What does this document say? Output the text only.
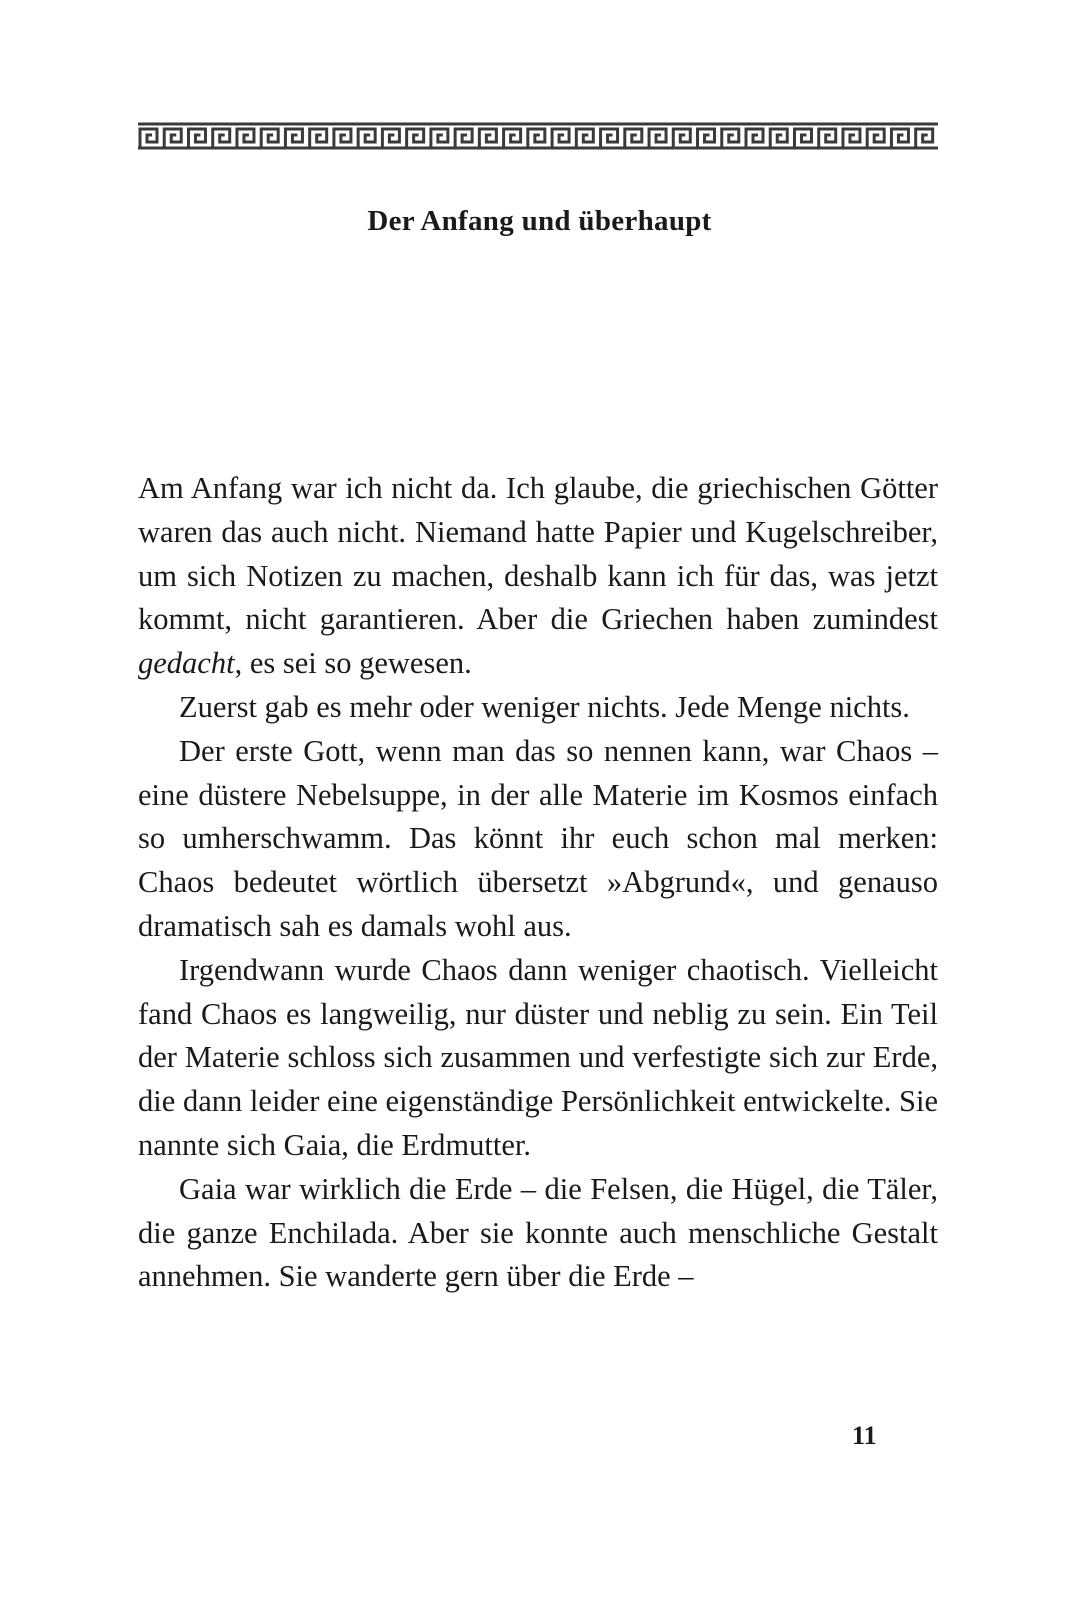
Der Anfang und überhaupt

Am Anfang war ich nicht da. Ich glaube, die griechischen Götter waren das auch nicht. Niemand hatte Papier und Kugelschreiber, um sich Notizen zu machen, deshalb kann ich für das, was jetzt kommt, nicht garantieren. Aber die Griechen haben zumindest gedacht, es sei so gewesen.

Zuerst gab es mehr oder weniger nichts. Jede Menge nichts.

Der erste Gott, wenn man das so nennen kann, war Chaos – eine düstere Nebelsuppe, in der alle Materie im Kosmos einfach so umherschwamm. Das könnt ihr euch schon mal merken: Chaos bedeutet wörtlich übersetzt »Abgrund«, und genauso dramatisch sah es damals wohl aus.

Irgendwann wurde Chaos dann weniger chaotisch. Vielleicht fand Chaos es langweilig, nur düster und neblig zu sein. Ein Teil der Materie schloss sich zusammen und verfestigte sich zur Erde, die dann leider eine eigenständige Persönlichkeit entwickelte. Sie nannte sich Gaia, die Erdmutter.

Gaia war wirklich die Erde – die Felsen, die Hügel, die Täler, die ganze Enchilada. Aber sie konnte auch menschliche Gestalt annehmen. Sie wanderte gern über die Erde –

11
